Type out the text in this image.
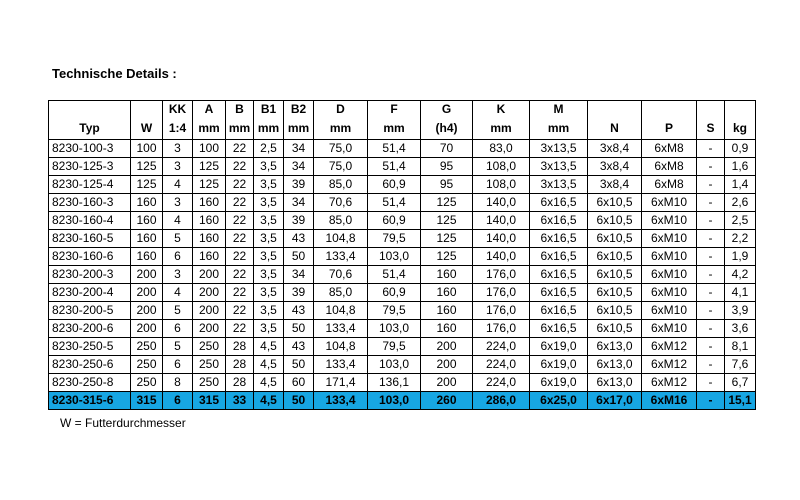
Technische Details :
		KK	A	B	B1	B2	D	F	G	K	M				
Typ	W	1:4	mm	mm	mm	mm	mm	mm	(h4)	mm	mm	N	P	S	kg
8230-100-3	100	3	100	22	2,5	34	75,0	51,4	70	83,0	3x13,5	3x8,4	6xM8	-	0,9
8230-125-3	125	3	125	22	3,5	34	75,0	51,4	95	108,0	3x13,5	3x8,4	6xM8	-	1,6
8230-125-4	125	4	125	22	3,5	39	85,0	60,9	95	108,0	3x13,5	3x8,4	6xM8	-	1,4
8230-160-3	160	3	160	22	3,5	34	70,6	51,4	125	140,0	6x16,5	6x10,5	6xM10	-	2,6
8230-160-4	160	4	160	22	3,5	39	85,0	60,9	125	140,0	6x16,5	6x10,5	6xM10	-	2,5
8230-160-5	160	5	160	22	3,5	43	104,8	79,5	125	140,0	6x16,5	6x10,5	6xM10	-	2,2
8230-160-6	160	6	160	22	3,5	50	133,4	103,0	125	140,0	6x16,5	6x10,5	6xM10	-	1,9
8230-200-3	200	3	200	22	3,5	34	70,6	51,4	160	176,0	6x16,5	6x10,5	6xM10	-	4,2
8230-200-4	200	4	200	22	3,5	39	85,0	60,9	160	176,0	6x16,5	6x10,5	6xM10	-	4,1
8230-200-5	200	5	200	22	3,5	43	104,8	79,5	160	176,0	6x16,5	6x10,5	6xM10	-	3,9
8230-200-6	200	6	200	22	3,5	50	133,4	103,0	160	176,0	6x16,5	6x10,5	6xM10	-	3,6
8230-250-5	250	5	250	28	4,5	43	104,8	79,5	200	224,0	6x19,0	6x13,0	6xM12	-	8,1
8230-250-6	250	6	250	28	4,5	50	133,4	103,0	200	224,0	6x19,0	6x13,0	6xM12	-	7,6
8230-250-8	250	8	250	28	4,5	60	171,4	136,1	200	224,0	6x19,0	6x13,0	6xM12	-	6,7
8230-315-6	315	6	315	33	4,5	50	133,4	103,0	260	286,0	6x25,0	6x17,0	6xM16	-	15,1
W = Futterdurchmesser
